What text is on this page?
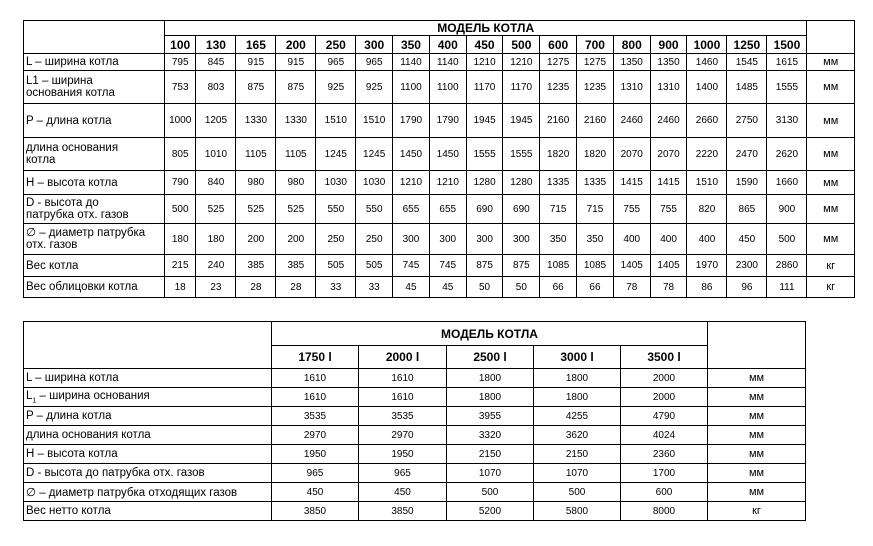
	МОДЕЛЬ КОТЛА																	
	100	130	165	200	250	300	350	400	450	500	600	700	800	900	1000	1250	1500	
L – ширина котла	795	845	915	915	965	965	1140	1140	1210	1210	1275	1275	1350	1350	1460	1545	1615	мм
L1 – ширина
основания котла	753	803	875	875	925	925	1100	1100	1170	1170	1235	1235	1310	1310	1400	1485	1555	мм
P – длина котла	1000	1205	1330	1330	1510	1510	1790	1790	1945	1945	2160	2160	2460	2460	2660	2750	3130	мм
длина основания
котла	805	1010	1105	1105	1245	1245	1450	1450	1555	1555	1820	1820	2070	2070	2220	2470	2620	мм
H – высота котла	790	840	980	980	1030	1030	1210	1210	1280	1280	1335	1335	1415	1415	1510	1590	1660	мм
D - высота до
патрубка отх. газов	500	525	525	525	550	550	655	655	690	690	715	715	755	755	820	865	900	мм
∅ – диаметр патрубка
отх. газов	180	180	200	200	250	250	300	300	300	300	350	350	400	400	400	450	500	мм
Вес котла	215	240	385	385	505	505	745	745	875	875	1085	1085	1405	1405	1970	2300	2860	кг
Вес облицовки котла	18	23	28	28	33	33	45	45	50	50	66	66	78	78	86	96	111	кг
	МОДЕЛЬ КОТЛА					
	1750 l	2000 l	2500 l	3000 l	3500 l	
L – ширина котла	1610	1610	1800	1800	2000	мм
$L_1$ – ширина основания	1610	1610	1800	1800	2000	мм
P – длина котла	3535	3535	3955	4255	4790	мм
длина основания котла	2970	2970	3320	3620	4024	мм
H – высота котла	1950	1950	2150	2150	2360	мм
D - высота до патрубка отх. газов	965	965	1070	1070	1700	мм
∅ – диаметр патрубка отходящих газов	450	450	500	500	600	мм
Вес нетто котла	3850	3850	5200	5800	8000	кг
